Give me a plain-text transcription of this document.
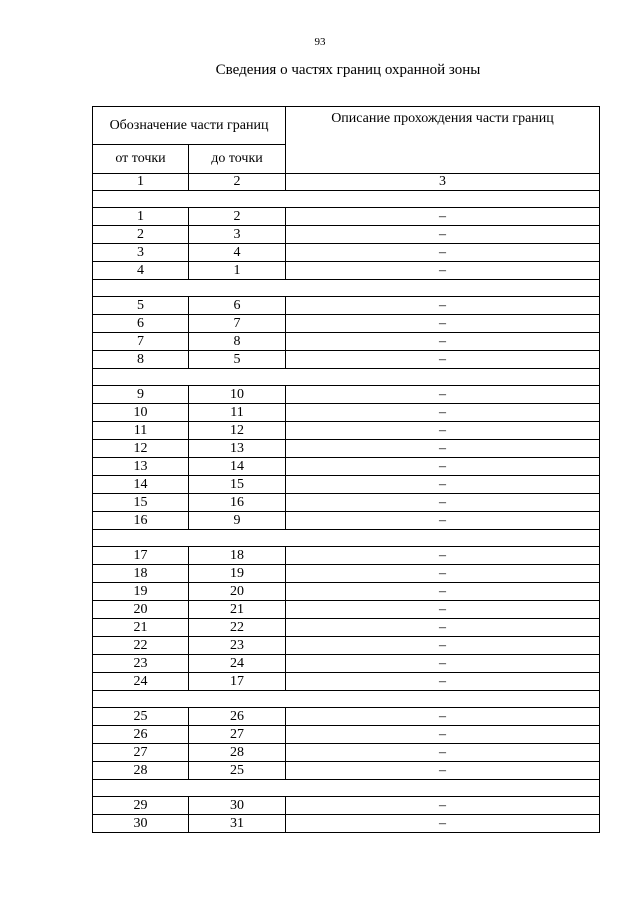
93
Сведения о частях границ охранной зоны
Обозначение части границ		Описание прохождения части границ
от точки	до точки	
1	2	3

1	2	–
2	3	–
3	4	–
4	1	–

5	6	–
6	7	–
7	8	–
8	5	–

9	10	–
10	11	–
11	12	–
12	13	–
13	14	–
14	15	–
15	16	–
16	9	–

17	18	–
18	19	–
19	20	–
20	21	–
21	22	–
22	23	–
23	24	–
24	17	–

25	26	–
26	27	–
27	28	–
28	25	–

29	30	–
30	31	–
